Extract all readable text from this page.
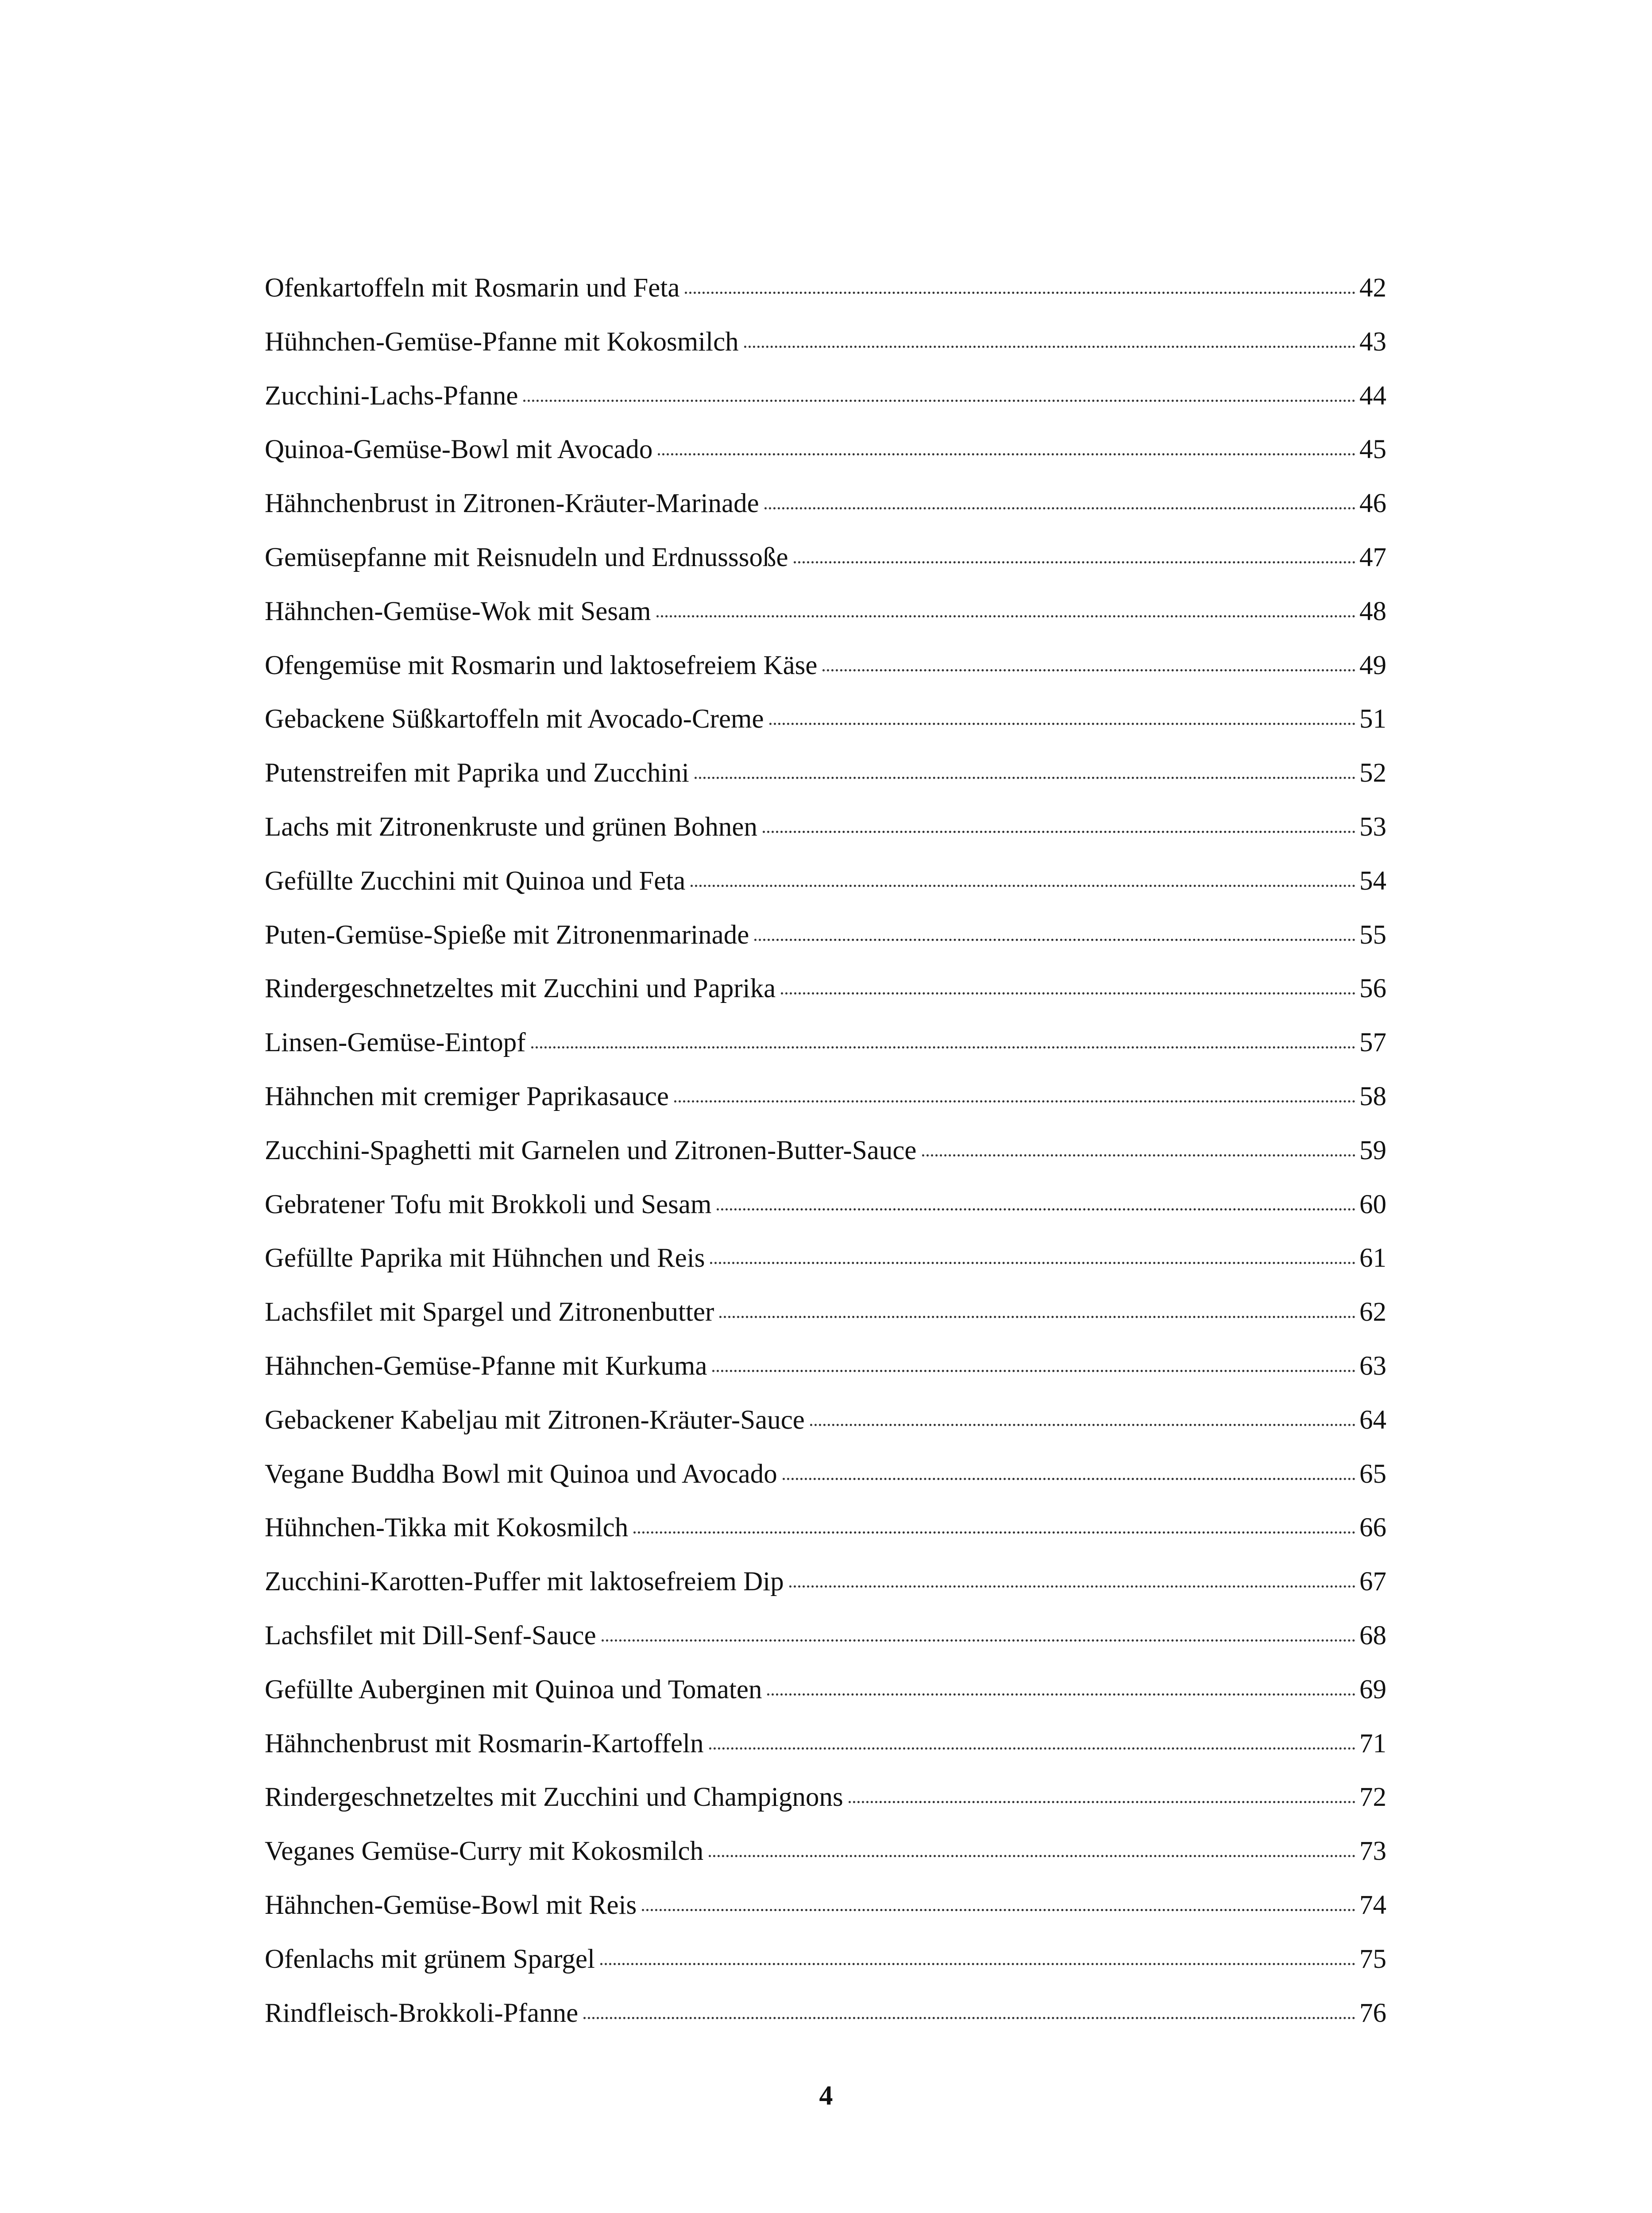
Ofenkartoffeln mit Rosmarin und Feta	42
Hühnchen-Gemüse-Pfanne mit Kokosmilch	43
Zucchini-Lachs-Pfanne	44
Quinoa-Gemüse-Bowl mit Avocado	45
Hähnchenbrust in Zitronen-Kräuter-Marinade	46
Gemüsepfanne mit Reisnudeln und Erdnusssoße	47
Hähnchen-Gemüse-Wok mit Sesam	48
Ofengemüse mit Rosmarin und laktosefreiem Käse	49
Gebackene Süßkartoffeln mit Avocado-Creme	51
Putenstreifen mit Paprika und Zucchini	52
Lachs mit Zitronenkruste und grünen Bohnen	53
Gefüllte Zucchini mit Quinoa und Feta	54
Puten-Gemüse-Spieße mit Zitronenmarinade	55
Rindergeschnetzeltes mit Zucchini und Paprika	56
Linsen-Gemüse-Eintopf	57
Hähnchen mit cremiger Paprikasauce	58
Zucchini-Spaghetti mit Garnelen und Zitronen-Butter-Sauce	59
Gebratener Tofu mit Brokkoli und Sesam	60
Gefüllte Paprika mit Hühnchen und Reis	61
Lachsfilet mit Spargel und Zitronenbutter	62
Hähnchen-Gemüse-Pfanne mit Kurkuma	63
Gebackener Kabeljau mit Zitronen-Kräuter-Sauce	64
Vegane Buddha Bowl mit Quinoa und Avocado	65
Hühnchen-Tikka mit Kokosmilch	66
Zucchini-Karotten-Puffer mit laktosefreiem Dip	67
Lachsfilet mit Dill-Senf-Sauce	68
Gefüllte Auberginen mit Quinoa und Tomaten	69
Hähnchenbrust mit Rosmarin-Kartoffeln	71
Rindergeschnetzeltes mit Zucchini und Champignons	72
Veganes Gemüse-Curry mit Kokosmilch	73
Hähnchen-Gemüse-Bowl mit Reis	74
Ofenlachs mit grünem Spargel	75
Rindfleisch-Brokkoli-Pfanne	76
4
